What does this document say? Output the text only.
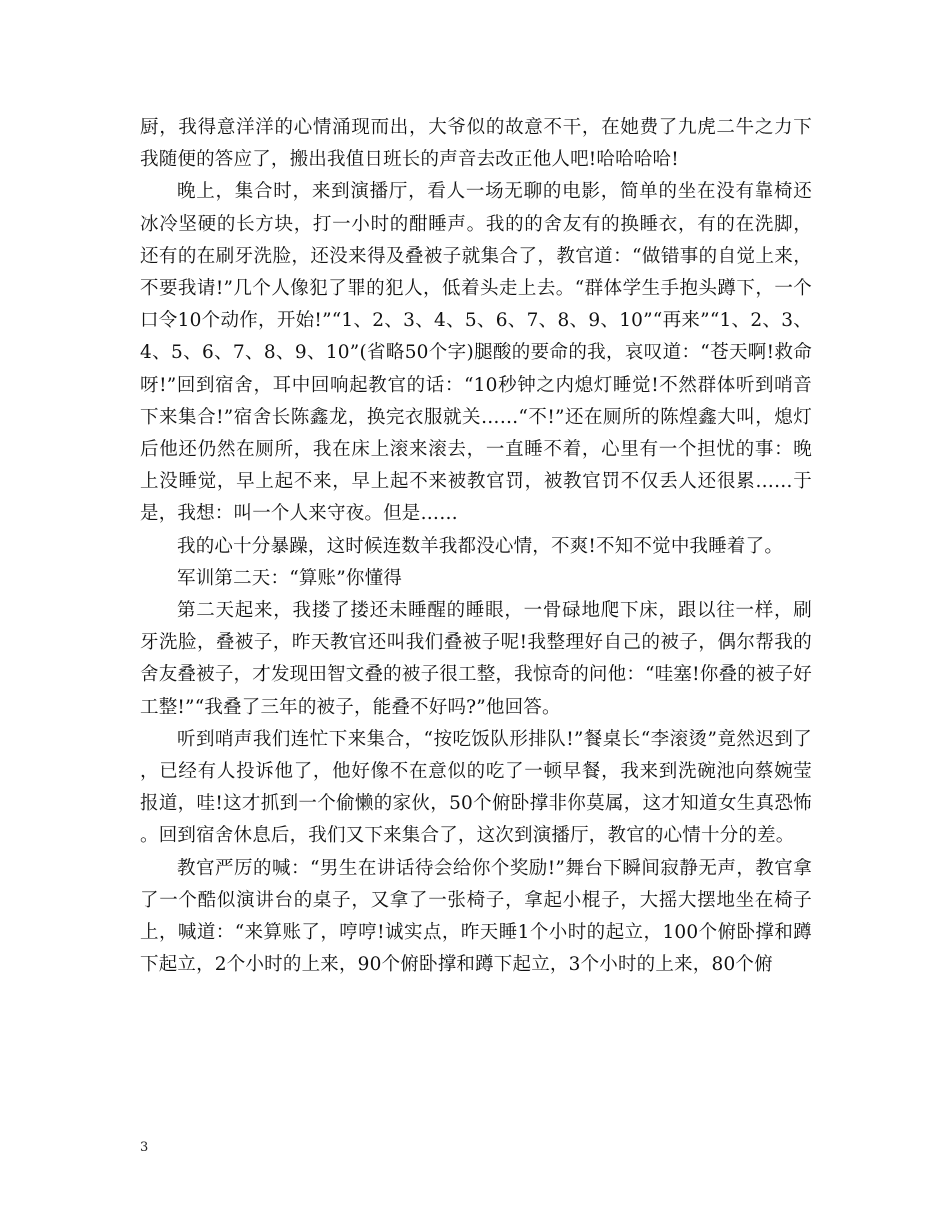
厨，我得意洋洋的心情涌现而出，大爷似的故意不干，在她费了九虎二牛之力下我随便的答应了，搬出我值日班长的声音去改正他人吧!哈哈哈哈!

晚上，集合时，来到演播厅，看人一场无聊的电影，简单的坐在没有靠椅还冰冷坚硬的长方块，打一小时的酣睡声。我的的舍友有的换睡衣，有的在洗脚，还有的在刷牙洗脸，还没来得及叠被子就集合了，教官道：“做错事的自觉上来，不要我请!”几个人像犯了罪的犯人，低着头走上去。“群体学生手抱头蹲下，一个口令10个动作，开始!”“1、2、3、4、5、6、7、8、9、10”“再来”“1、2、3、4、5、6、7、8、9、10”(省略50个字)腿酸的要命的我，哀叹道：“苍天啊!救命呀!”回到宿舍，耳中回响起教官的话：“10秒钟之内熄灯睡觉!不然群体听到哨音下来集合!”宿舍长陈鑫龙，换完衣服就关……“不!”还在厕所的陈煌鑫大叫，熄灯后他还仍然在厕所，我在床上滚来滚去，一直睡不着，心里有一个担忧的事：晚上没睡觉，早上起不来，早上起不来被教官罚，被教官罚不仅丢人还很累……于是，我想：叫一个人来守夜。但是……

我的心十分暴躁，这时候连数羊我都没心情，不爽!不知不觉中我睡着了。

军训第二天：“算账”你懂得

第二天起来，我搂了搂还未睡醒的睡眼，一骨碌地爬下床，跟以往一样，刷牙洗脸，叠被子，昨天教官还叫我们叠被子呢!我整理好自己的被子，偶尔帮我的舍友叠被子，才发现田智文叠的被子很工整，我惊奇的问他：“哇塞!你叠的被子好工整!”“我叠了三年的被子，能叠不好吗?”他回答。

听到哨声我们连忙下来集合，“按吃饭队形排队!”餐桌长“李滚烫”竟然迟到了，已经有人投诉他了，他好像不在意似的吃了一顿早餐，我来到洗碗池向蔡婉莹报道，哇!这才抓到一个偷懒的家伙，50个俯卧撑非你莫属，这才知道女生真恐怖。回到宿舍休息后，我们又下来集合了，这次到演播厅，教官的心情十分的差。

教官严厉的喊：“男生在讲话待会给你个奖励!”舞台下瞬间寂静无声，教官拿了一个酷似演讲台的桌子，又拿了一张椅子，拿起小棍子，大摇大摆地坐在椅子上，喊道：“来算账了，哼哼!诚实点，昨天睡1个小时的起立，100个俯卧撑和蹲下起立，2个小时的上来，90个俯卧撑和蹲下起立，3个小时的上来，80个俯

3
